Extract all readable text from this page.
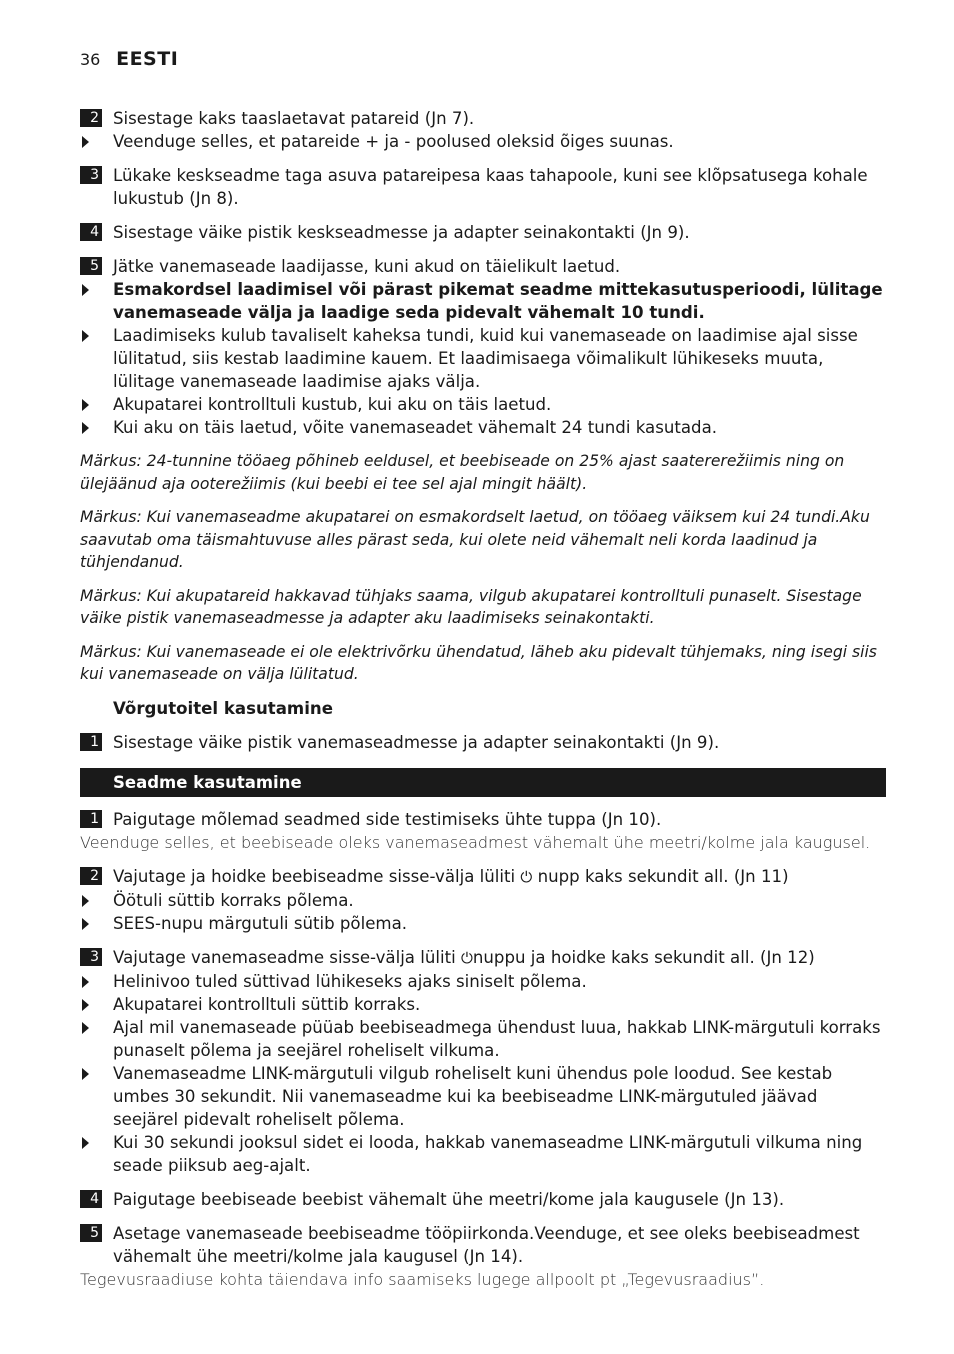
36 EESTI
2 Sisestage kaks taaslaetavat patareid (Jn 7).
Veenduge selles, et patareide + ja - poolused oleksid õiges suunas.
3 Lükake keskseadme taga asuva patareipesa kaas tahapoole, kuni see klõpsatusega kohale lukustub (Jn 8).
4 Sisestage väike pistik keskseadmesse ja adapter seinakontakti (Jn 9).
5 Jätke vanemaseade laadijasse, kuni akud on täielikult laetud.
Esmakordsel laadimisel või pärast pikemat seadme mittekasutusperioodi, lülitage vanemaseade välja ja laadige seda pidevalt vähemalt 10 tundi.
Laadimiseks kulub tavaliselt kaheksa tundi, kuid kui vanemaseade on laadimise ajal sisse lülitatud, siis kestab laadimine kauem. Et laadimisaega võimalikult lühikeseks muuta, lülitage vanemaseade laadimise ajaks välja.
Akupatarei kontrolltuli kustub, kui aku on täis laetud.
Kui aku on täis laetud, võite vanemaseadet vähemalt 24 tundi kasutada.
Märkus: 24-tunnine tööaeg põhineb eeldusel, et beebiseade on 25% ajast saatererežiimis ning on ülejäänud aja ooterežiimis (kui beebi ei tee sel ajal mingit häält).
Märkus: Kui vanemaseadme akupatarei on esmakordselt laetud, on tööaeg väiksem kui 24 tundi.Aku saavutab oma täismahtuvuse alles pärast seda, kui olete neid vähemalt neli korda laadinud ja tühjendanud.
Märkus: Kui akupatareid hakkavad tühjaks saama, vilgub akupatarei kontrolltuli punaselt. Sisestage väike pistik vanemaseadmesse ja adapter aku laadimiseks seinakontakti.
Märkus: Kui vanemaseade ei ole elektrivõrku ühendatud, läheb aku pidevalt tühjemaks, ning isegi siis kui vanemaseade on välja lülitatud.
Võrgutoitel kasutamine
1 Sisestage väike pistik vanemaseadmesse ja adapter seinakontakti (Jn 9).
Seadme kasutamine
1 Paigutage mõlemad seadmed side testimiseks ühte tuppa (Jn 10).
Veenduge selles, et beebiseade oleks vanemaseadmest vähemalt ühe meetri/kolme jala kaugusel.
2 Vajutage ja hoidke beebiseadme sisse-välja lüliti ⏻ nupp kaks sekundit all. (Jn 11)
Öötuli süttib korraks põlema.
SEES-nupu märgutuli sütib põlema.
3 Vajutage vanemaseadme sisse-välja lüliti ⏻nuppu ja hoidke kaks sekundit all. (Jn 12)
Helinivoo tuled süttivad lühikeseks ajaks siniselt põlema.
Akupatarei kontrolltuli süttib korraks.
Ajal mil vanemaseade püüab beebiseadmega ühendust luua, hakkab LINK-märgutuli korraks punaselt põlema ja seejärel roheliselt vilkuma.
Vanemaseadme LINK-märgutuli vilgub roheliselt kuni ühendus pole loodud. See kestab umbes 30 sekundit. Nii vanemaseadme kui ka beebiseadme LINK-märgutuled jäävad seejärel pidevalt roheliselt põlema.
Kui 30 sekundi jooksul sidet ei looda, hakkab vanemaseadme LINK-märgutuli vilkuma ning seade piiksub aeg-ajalt.
4 Paigutage beebiseade beebist vähemalt ühe meetri/kome jala kaugusele (Jn 13).
5 Asetage vanemaseade beebiseadme tööpiirkonda.Veenduge, et see oleks beebiseadmest vähemalt ühe meetri/kolme jala kaugusel (Jn 14).
Tegevusraadiuse kohta täiendava info saamiseks lugege allpoolt pt „Tegevusraadius”.
